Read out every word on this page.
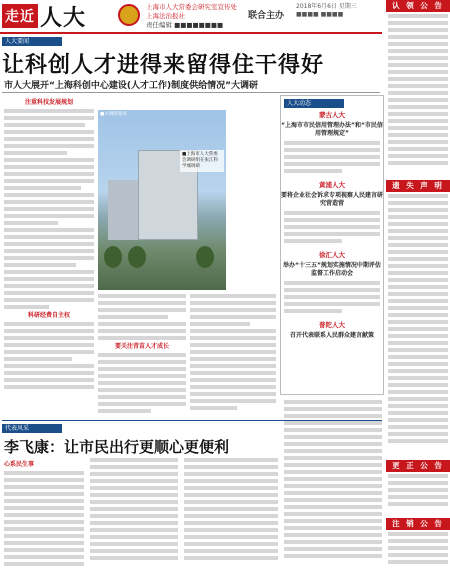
走近 人大	上海市人大常委会研究室宣传处
上海法治报社
责任编辑 ■■■■■■■■
联合主办
2018年6月6日 星期三
■■■■ ■■■■
人大要闻
让科创人才进得来留得住干得好
市人大展开“上海科创中心建设(人才工作)制度供给情况”大调研
注重科技发展规划
科研经费自主权
■大调研现场
■上海市人大常委会调研组在张江科学城调研
要关注青苗人才成长
人大动态
蒙古人大
“上海市市民信用管理办法”和“市民信用管理规定”
黄浦人大
要将企业社会诉求专项视察人民建言研究营造营
徐汇人大
举办“十三五”规划实施情况中期评估监督工作启动会
普陀人大
召开代表联系人民群众建言献策
代表风采
李飞康：让市民出行更顺心更便利
心系民生事
认 领 公 告
遗 失 声 明
更 正 公 告
注 销 公 告
